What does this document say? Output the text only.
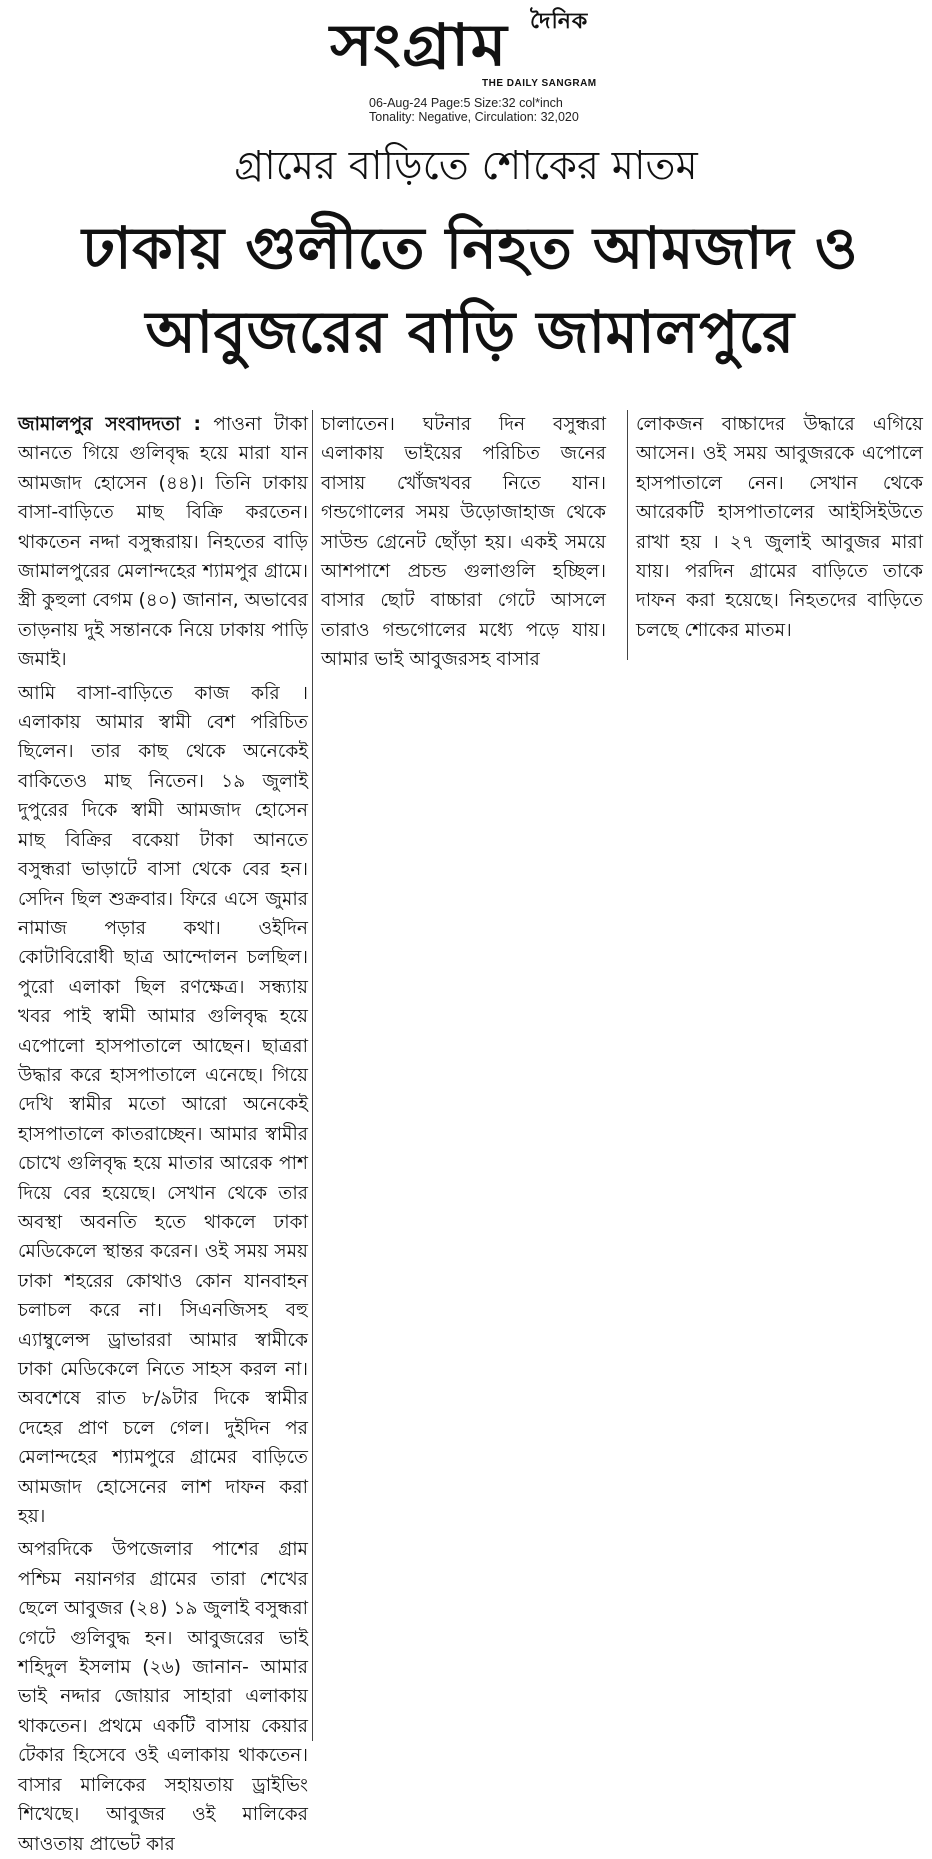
দৈনিক
সংগ্রাম
THE DAILY SANGRAM
06-Aug-24 Page:5 Size:32 col*inch
Tonality: Negative, Circulation: 32,020
গ্রামের বাড়িতে শোকের মাতম
ঢাকায় গুলীতে নিহত আমজাদ ও আবুজরের বাড়ি জামালপুরে

জামালপুর সংবাদদতা : পাওনা টাকা আনতে গিয়ে গুলিবৃদ্ধ হয়ে মারা যান আমজাদ হোসেন (৪৪)। তিনি ঢাকায় বাসা-বাড়িতে মাছ বিক্রি করতেন। থাকতেন নদ্দা বসুন্ধরায়। নিহতের বাড়ি জামালপুরের মেলান্দহের শ্যামপুর গ্রামে। স্ত্রী কুহুলা বেগম (৪০) জানান, অভাবের তাড়নায় দুই সন্তানকে নিয়ে ঢাকায় পাড়ি জমাই।

আমি বাসা-বাড়িতে কাজ করি । এলাকায় আমার স্বামী বেশ পরিচিত ছিলেন। তার কাছ থেকে অনেকেই বাকিতেও মাছ নিতেন। ১৯ জুলাই দুপুরের দিকে স্বামী আমজাদ হোসেন মাছ বিক্রির বকেয়া টাকা আনতে বসুন্ধরা ভাড়াটে বাসা থেকে বের হন। সেদিন ছিল শুক্রবার। ফিরে এসে জুমার নামাজ পড়ার কথা। ওইদিন কোটাবিরোধী ছাত্র আন্দোলন চলছিল। পুরো এলাকা ছিল রণক্ষেত্র। সন্ধ্যায় খবর পাই স্বামী আমার গুলিবৃদ্ধ হয়ে এপোলো হাসপাতালে আছেন। ছাত্ররা উদ্ধার করে হাসপাতালে এনেছে। গিয়ে দেখি স্বামীর মতো আরো অনেকেই হাসপাতালে কাতরাচ্ছেন। আমার স্বামীর চোখে গুলিবৃদ্ধ হয়ে মাতার আরেক পাশ দিয়ে বের হয়েছে। সেখান থেকে তার অবস্থা অবনতি হতে থাকলে ঢাকা মেডিকেলে স্থান্তর করেন। ওই সময় সময় ঢাকা শহরের কোথাও কোন যানবাহন চলাচল করে না। সিএনজিসহ বহু এ্যাম্বুলেন্স ড্রাভাররা আমার স্বামীকে ঢাকা মেডিকেলে নিতে সাহস করল না। অবশেষে রাত ৮/৯টার দিকে স্বামীর দেহের প্রাণ চলে গেল। দুইদিন পর মেলান্দহের শ্যামপুরে গ্রামের বাড়িতে আমজাদ হোসেনের লাশ দাফন করা হয়।

অপরদিকে উপজেলার পাশের গ্রাম পশ্চিম নয়ানগর গ্রামের তারা শেখের ছেলে আবুজর (২৪) ১৯ জুলাই বসুন্ধরা গেটে গুলিবুদ্ধ হন। আবুজরের ভাই শহিদুল ইসলাম (২৬) জানান- আমার ভাই নদ্দার জোয়ার সাহারা এলাকায় থাকতেন। প্রথমে একটি বাসায় কেয়ার টেকার হিসেবে ওই এলাকায় থাকতেন। বাসার মালিকের সহায়তায় ড্রাইভিং শিখেছে। আবুজর ওই মালিকের আওতায় প্রাভেট কার

চালাতেন। ঘটনার দিন বসুন্ধরা এলাকায় ভাইয়ের পরিচিত জনের বাসায় খোঁজখবর নিতে যান। গন্ডগোলের সময় উড়োজাহাজ থেকে সাউন্ড গ্রেনেট ছোঁড়া হয়। একই সময়ে আশপাশে প্রচন্ড গুলাগুলি হচ্ছিল। বাসার ছোট বাচ্চারা গেটে আসলে তারাও গন্ডগোলের মধ্যে পড়ে যায়। আমার ভাই আবুজরসহ বাসার

লোকজন বাচ্চাদের উদ্ধারে এগিয়ে আসেন। ওই সময় আবুজরকে এপোলে হাসপাতালে নেন। সেখান থেকে আরেকটি হাসপাতালের আইসিইউতে রাখা হয় । ২৭ জুলাই আবুজর মারা যায়। পরদিন গ্রামের বাড়িতে তাকে দাফন করা হয়েছে। নিহতদের বাড়িতে চলছে শোকের মাতম।
